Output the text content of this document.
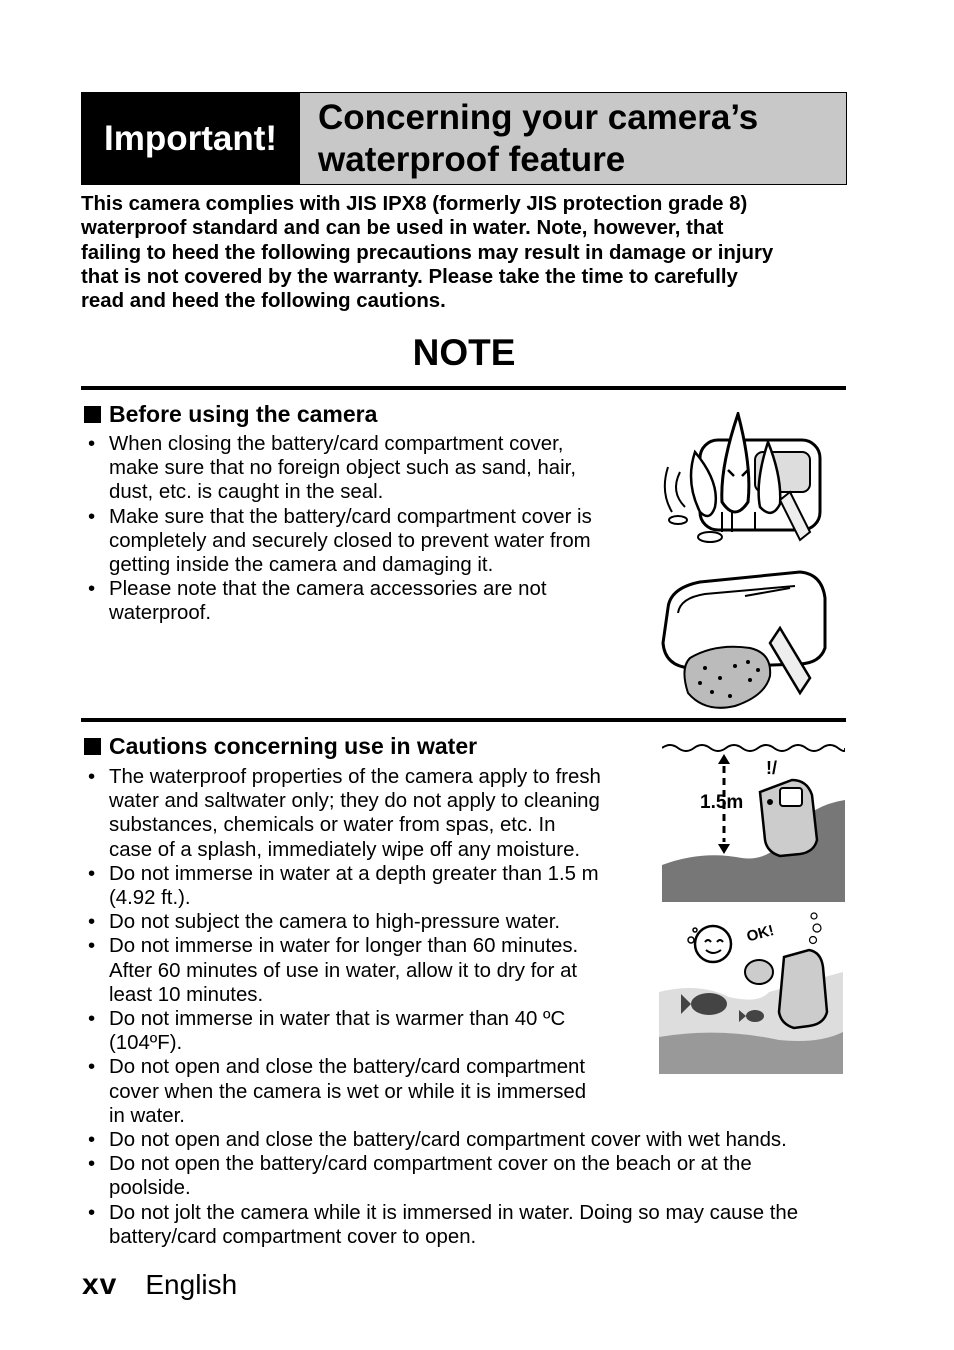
Important!
Concerning your camera’s
waterproof feature
This camera complies with JIS IPX8 (formerly JIS protection grade 8)
waterproof standard and can be used in water. Note, however, that
failing to heed the following precautions may result in damage or injury
that is not covered by the warranty. Please take the time to carefully
read and heed the following cautions.
NOTE
Before using the camera
• When closing the battery/card compartment cover,
make sure that no foreign object such as sand, hair,
dust, etc. is caught in the seal.
• Make sure that the battery/card compartment cover is
completely and securely closed to prevent water from
getting inside the camera and damaging it.
• Please note that the camera accessories are not
waterproof.
Cautions concerning use in water
• The waterproof properties of the camera apply to fresh
water and saltwater only; they do not apply to cleaning
substances, chemicals or water from spas, etc. In
case of a splash, immediately wipe off any moisture.
• Do not immerse in water at a depth greater than 1.5 m
(4.92 ft.).
• Do not subject the camera to high-pressure water.
• Do not immerse in water for longer than 60 minutes.
After 60 minutes of use in water, allow it to dry for at
least 10 minutes.
• Do not immerse in water that is warmer than 40 ºC
(104ºF).
• Do not open and close the battery/card compartment
cover when the camera is wet or while it is immersed
in water.
• Do not open and close the battery/card compartment cover with wet hands.
• Do not open the battery/card compartment cover on the beach or at the
poolside.
• Do not jolt the camera while it is immersed in water. Doing so may cause the
battery/card compartment cover to open.
1.5m
!/
OK!
xv English
